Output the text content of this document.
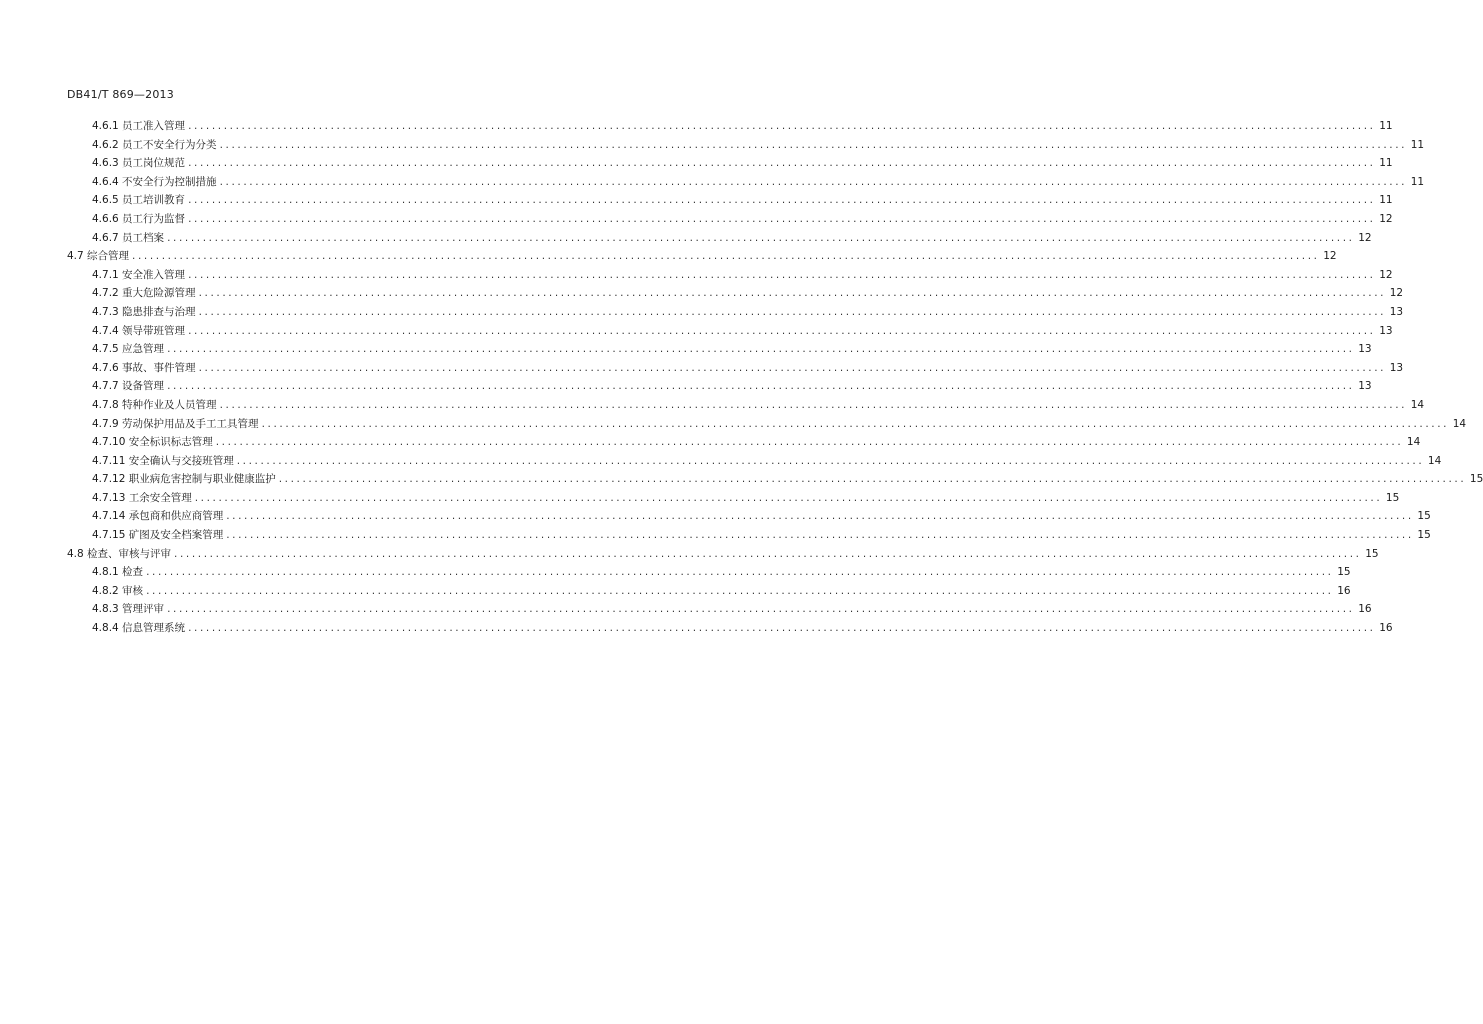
DB41/T 869—2013
4.6.1 员工准入管理 ........................................................................................................................................................................................................ 11
4.6.2 员工不安全行为分类 ........................................................................................................................................................................................................ 11
4.6.3 员工岗位规范 ........................................................................................................................................................................................................ 11
4.6.4 不安全行为控制措施 ........................................................................................................................................................................................................ 11
4.6.5 员工培训教育 ........................................................................................................................................................................................................ 11
4.6.6 员工行为监督 ........................................................................................................................................................................................................ 12
4.6.7 员工档案 ........................................................................................................................................................................................................ 12
4.7 综合管理 ........................................................................................................................................................................................................ 12
4.7.1 安全准入管理 ........................................................................................................................................................................................................ 12
4.7.2 重大危险源管理 ........................................................................................................................................................................................................ 12
4.7.3 隐患排查与治理 ........................................................................................................................................................................................................ 13
4.7.4 领导带班管理 ........................................................................................................................................................................................................ 13
4.7.5 应急管理 ........................................................................................................................................................................................................ 13
4.7.6 事故、事件管理 ........................................................................................................................................................................................................ 13
4.7.7 设备管理 ........................................................................................................................................................................................................ 13
4.7.8 特种作业及人员管理 ........................................................................................................................................................................................................ 14
4.7.9 劳动保护用品及手工工具管理 ........................................................................................................................................................................................................ 14
4.7.10 安全标识标志管理 ........................................................................................................................................................................................................ 14
4.7.11 安全确认与交接班管理 ........................................................................................................................................................................................................ 14
4.7.12 职业病危害控制与职业健康监护 ........................................................................................................................................................................................................ 15
4.7.13 工余安全管理 ........................................................................................................................................................................................................ 15
4.7.14 承包商和供应商管理 ........................................................................................................................................................................................................ 15
4.7.15 矿图及安全档案管理 ........................................................................................................................................................................................................ 15
4.8 检查、审核与评审 ........................................................................................................................................................................................................ 15
4.8.1 检查 ........................................................................................................................................................................................................ 15
4.8.2 审核 ........................................................................................................................................................................................................ 16
4.8.3 管理评审 ........................................................................................................................................................................................................ 16
4.8.4 信息管理系统 ........................................................................................................................................................................................................ 16
